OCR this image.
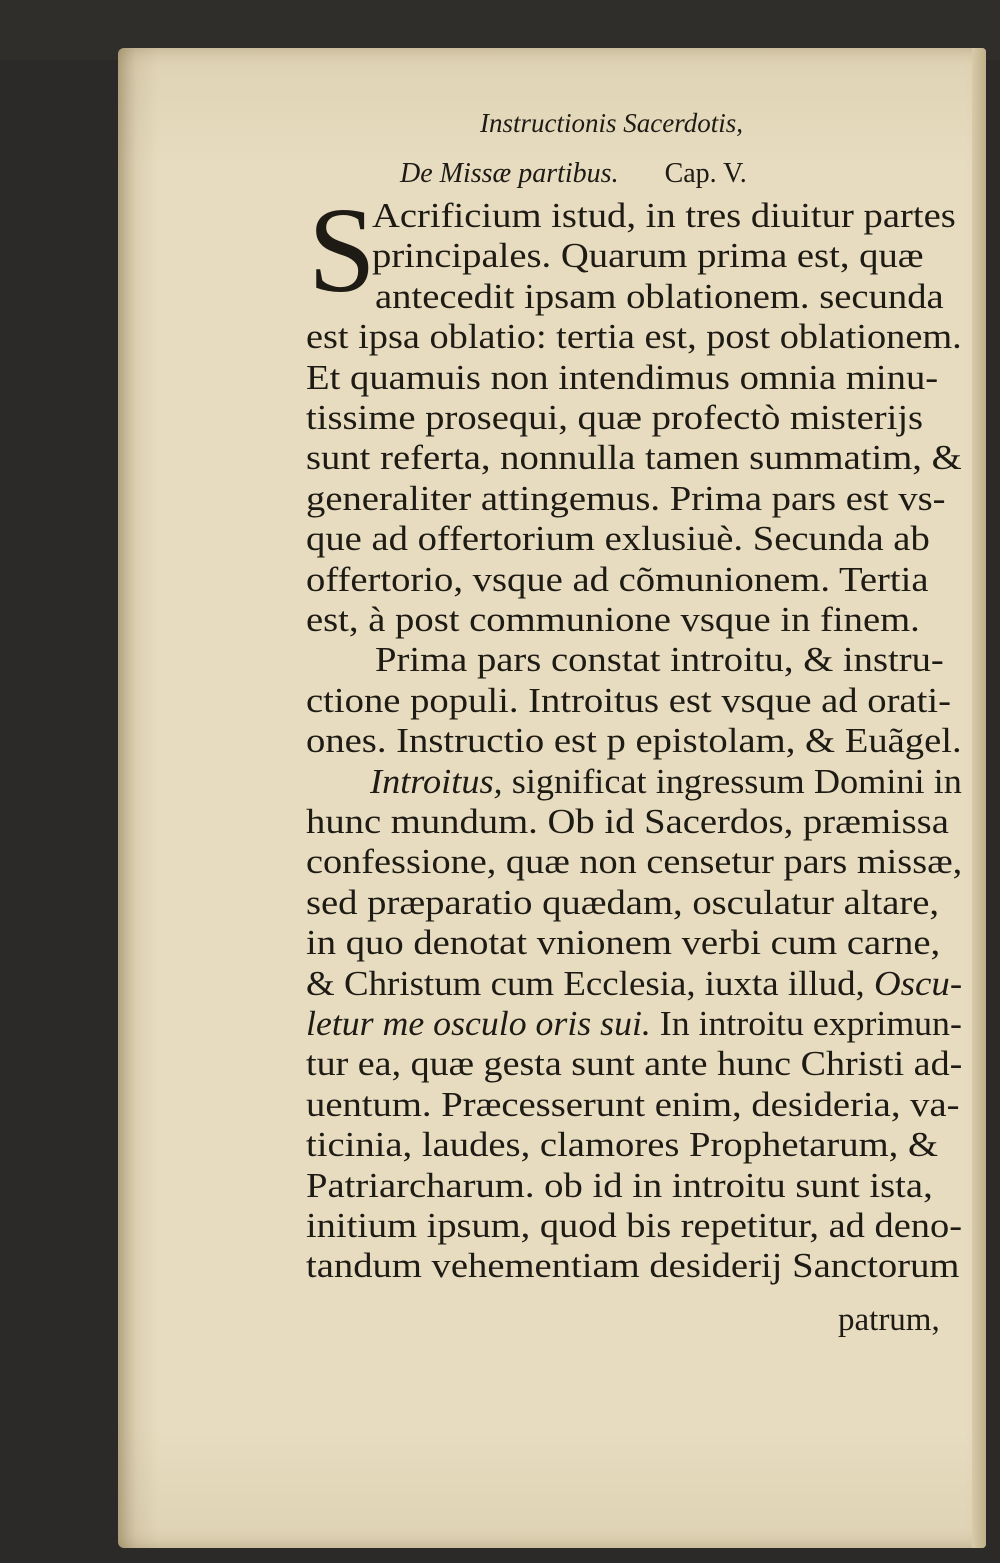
Instructionis Sacerdotis,
De Missæ partibus. Cap. V.
S
Acrificium istud, in tres diuitur partes
principales. Quarum prima est, quæ
antecedit ipsam oblationem. secunda
est ipsa oblatio: tertia est, post oblationem.
Et quamuis non intendimus omnia minu-
tissime prosequi, quæ profectò misterijs
sunt referta, nonnulla tamen summatim, &
generaliter attingemus. Prima pars est vs-
que ad offertorium exlusiuè. Secunda ab
offertorio, vsque ad cõmunionem. Tertia
est, à post communione vsque in finem.
Prima pars constat introitu, & instru-
ctione populi. Introitus est vsque ad orati-
ones. Instructio est p epistolam, & Euãgel.
Introitus, significat ingressum Domini in
hunc mundum. Ob id Sacerdos, præmissa
confessione, quæ non censetur pars missæ,
sed præparatio quædam, osculatur altare,
in quo denotat vnionem verbi cum carne,
& Christum cum Ecclesia, iuxta illud, Oscu-
letur me osculo oris sui. In introitu exprimun-
tur ea, quæ gesta sunt ante hunc Christi ad-
uentum. Præcesserunt enim, desideria, va-
ticinia, laudes, clamores Prophetarum, &
Patriarcharum. ob id in introitu sunt ista,
initium ipsum, quod bis repetitur, ad deno-
tandum vehementiam desiderij Sanctorum
patrum,
